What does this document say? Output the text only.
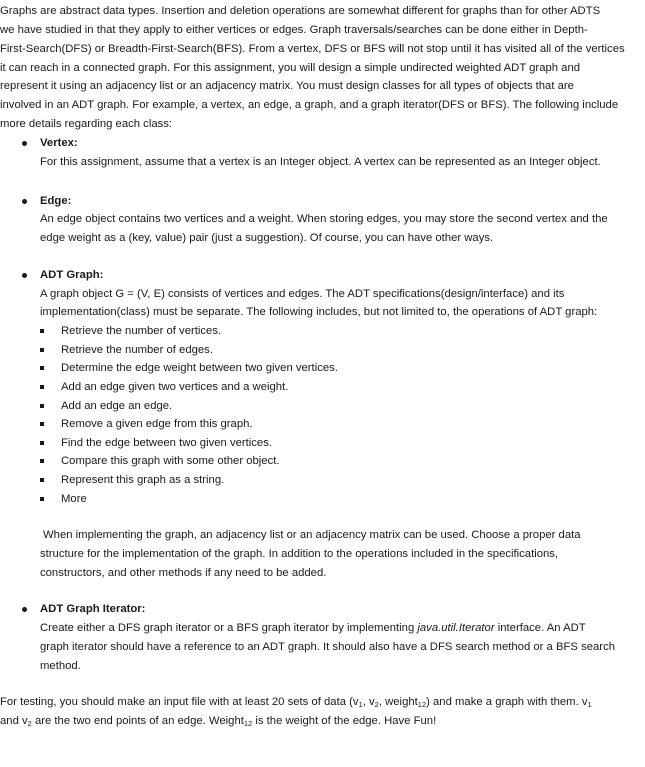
Graphs are abstract data types. Insertion and deletion operations are somewhat different for graphs than for other ADTS
we have studied in that they apply to either vertices or edges. Graph traversals/searches can be done either in Depth-
First-Search(DFS) or Breadth-First-Search(BFS). From a vertex, DFS or BFS will not stop until it has visited all of the vertices
it can reach in a connected graph. For this assignment, you will design a simple undirected weighted ADT graph and
represent it using an adjacency list or an adjacency matrix. You must design classes for all types of objects that are
involved in an ADT graph. For example, a vertex, an edge, a graph, and a graph iterator(DFS or BFS). The following include
more details regarding each class:
Vertex:
For this assignment, assume that a vertex is an Integer object. A vertex can be represented as an Integer object.
Edge:
An edge object contains two vertices and a weight. When storing edges, you may store the second vertex and the
edge weight as a (key, value) pair (just a suggestion). Of course, you can have other ways.
ADT Graph:
A graph object G = (V, E) consists of vertices and edges. The ADT specifications(design/interface) and its
implementation(class) must be separate. The following includes, but not limited to, the operations of ADT graph:
Retrieve the number of vertices.
Retrieve the number of edges.
Determine the edge weight between two given vertices.
Add an edge given two vertices and a weight.
Add an edge an edge.
Remove a given edge from this graph.
Find the edge between two given vertices.
Compare this graph with some other object.
Represent this graph as a string.
More
When implementing the graph, an adjacency list or an adjacency matrix can be used. Choose a proper data
structure for the implementation of the graph. In addition to the operations included in the specifications,
constructors, and other methods if any need to be added.
ADT Graph Iterator:
Create either a DFS graph iterator or a BFS graph iterator by implementing java.util.Iterator interface. An ADT
graph iterator should have a reference to an ADT graph. It should also have a DFS search method or a BFS search
method.
For testing, you should make an input file with at least 20 sets of data ($v_1$, $v_2$, weight$_{12}$) and make a graph with them. $v_1$
and $v_2$ are the two end points of an edge. Weight$_{12}$ is the weight of the edge. Have Fun!
